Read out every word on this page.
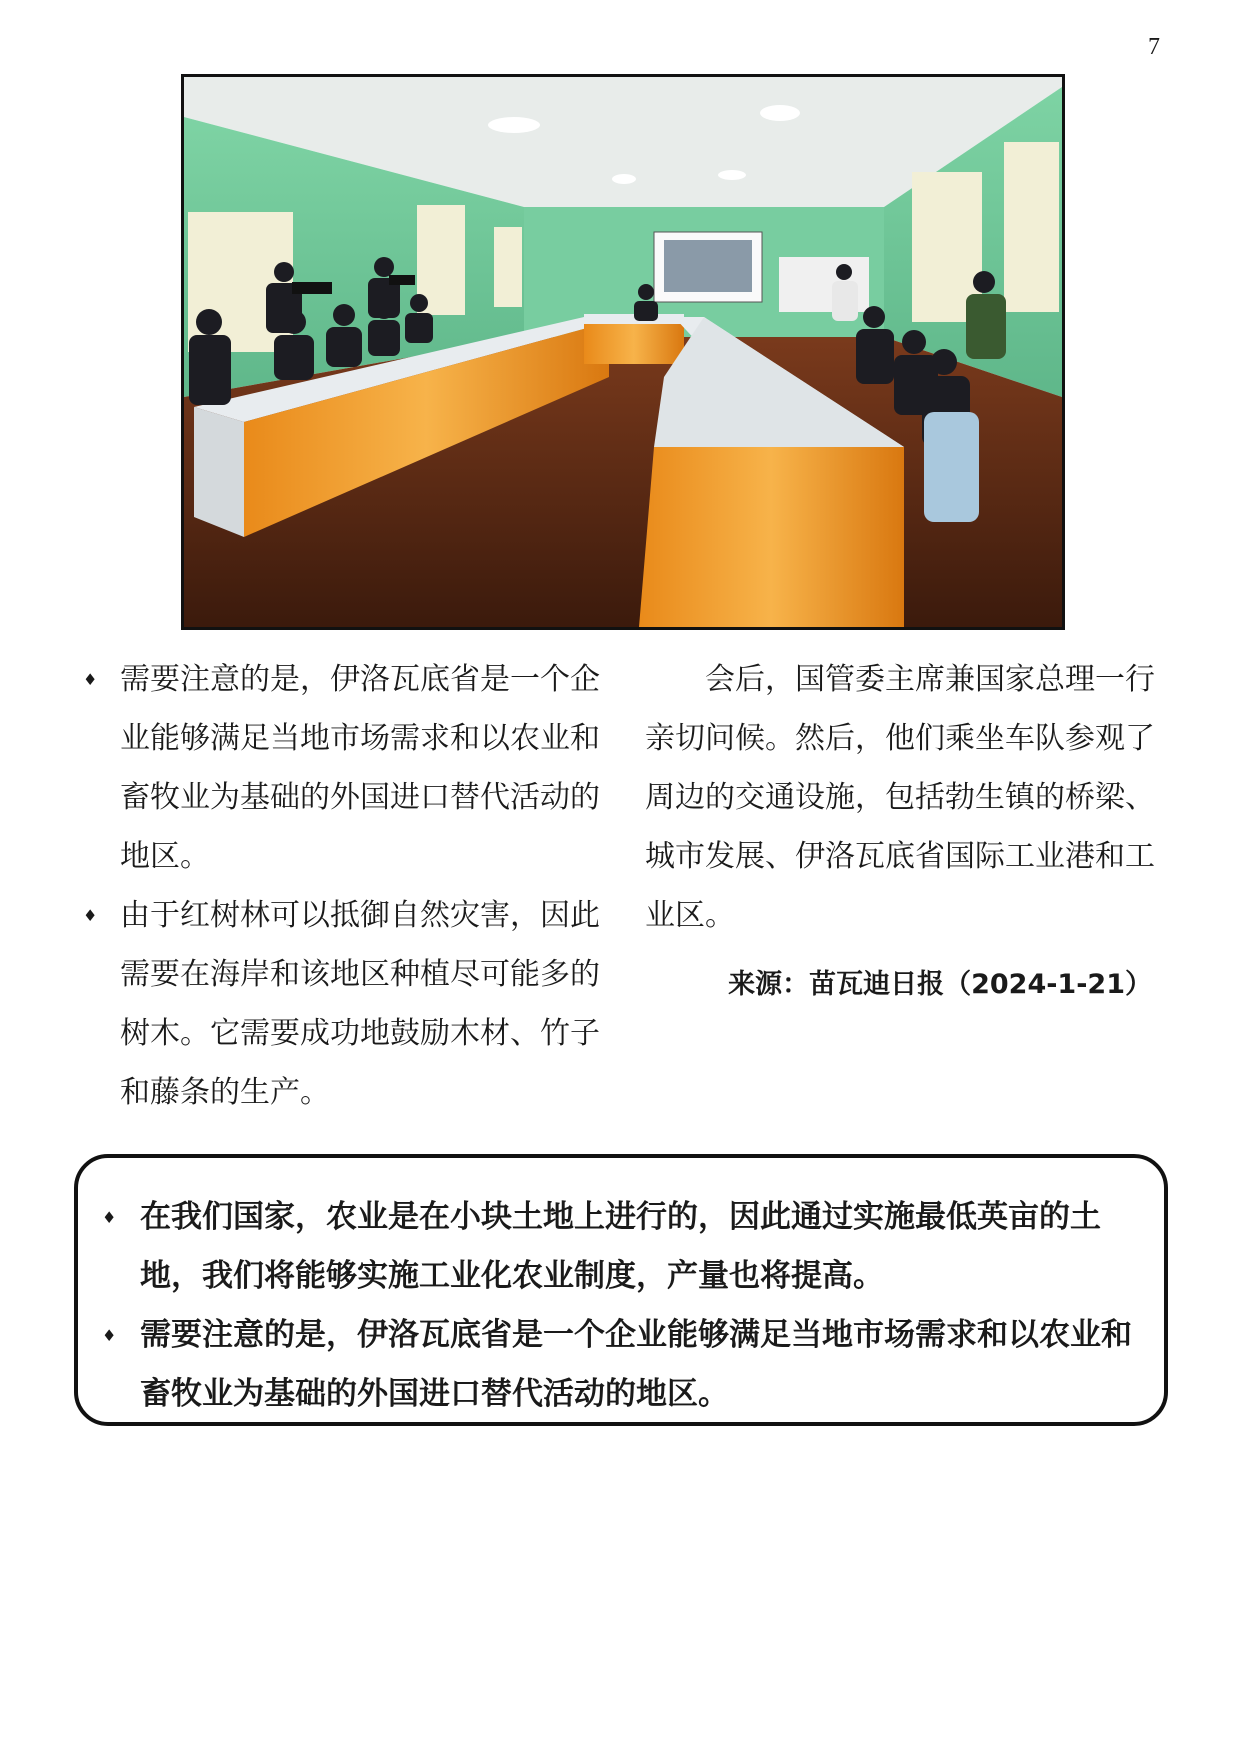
7
♦ 需要注意的是，伊洛瓦底省是一个企业能够满足当地市场需求和以农业和畜牧业为基础的外国进口替代活动的地区。
♦ 由于红树林可以抵御自然灾害，因此需要在海岸和该地区种植尽可能多的树木。它需要成功地鼓励木材、竹子和藤条的生产。
会后，国管委主席兼国家总理一行亲切问候。然后，他们乘坐车队参观了周边的交通设施，包括勃生镇的桥梁、城市发展、伊洛瓦底省国际工业港和工业区。
来源：苗瓦迪日报（2024-1-21）
♦ 在我们国家，农业是在小块土地上进行的，因此通过实施最低英亩的土地，我们将能够实施工业化农业制度，产量也将提高。
♦ 需要注意的是，伊洛瓦底省是一个企业能够满足当地市场需求和以农业和畜牧业为基础的外国进口替代活动的地区。
